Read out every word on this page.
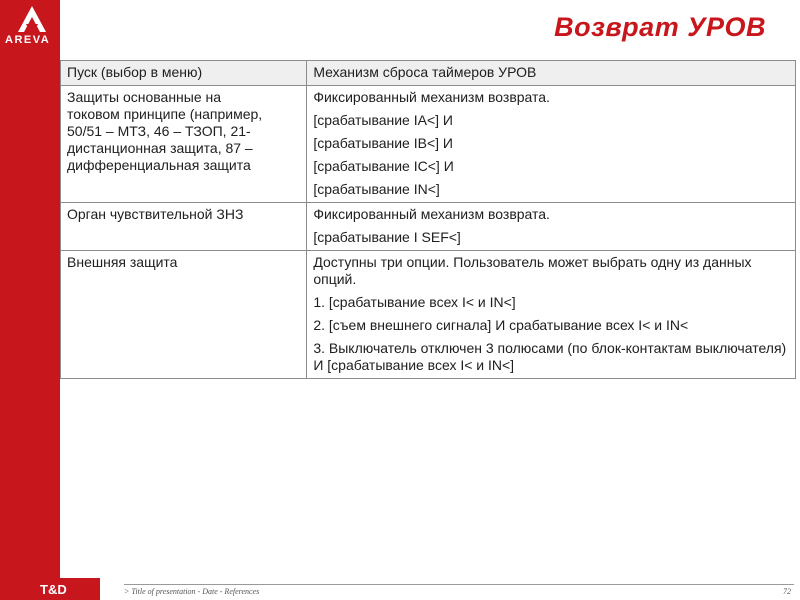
AREVA	Возврат УРОВ
Пуск (выбор в меню)	Механизм сброса таймеров УРОВ

Защиты основанные на токовом принципе (например, 50/51 – МТЗ, 46 – ТЗОП, 21- дистанционная защита, 87 – дифференциальная защита	Фиксированный механизм возврата.
[срабатывание IA<] И
[срабатывание IB<] И
[срабатывание IC<] И
[срабатывание IN<]

Орган чувствительной ЗНЗ	Фиксированный механизм возврата.
[срабатывание I SEF<]

Внешняя защита	Доступны три опции. Пользователь может выбрать одну из данных опций.
1. [срабатывание всех I< и IN<]
2. [съем внешнего сигнала] И срабатывание всех I< и IN<
3. Выключатель отключен 3 полюсами (по блок-контактам выключателя) И [срабатывание всех I< и IN<]
T&D	> Title of presentation - Date - References	72
